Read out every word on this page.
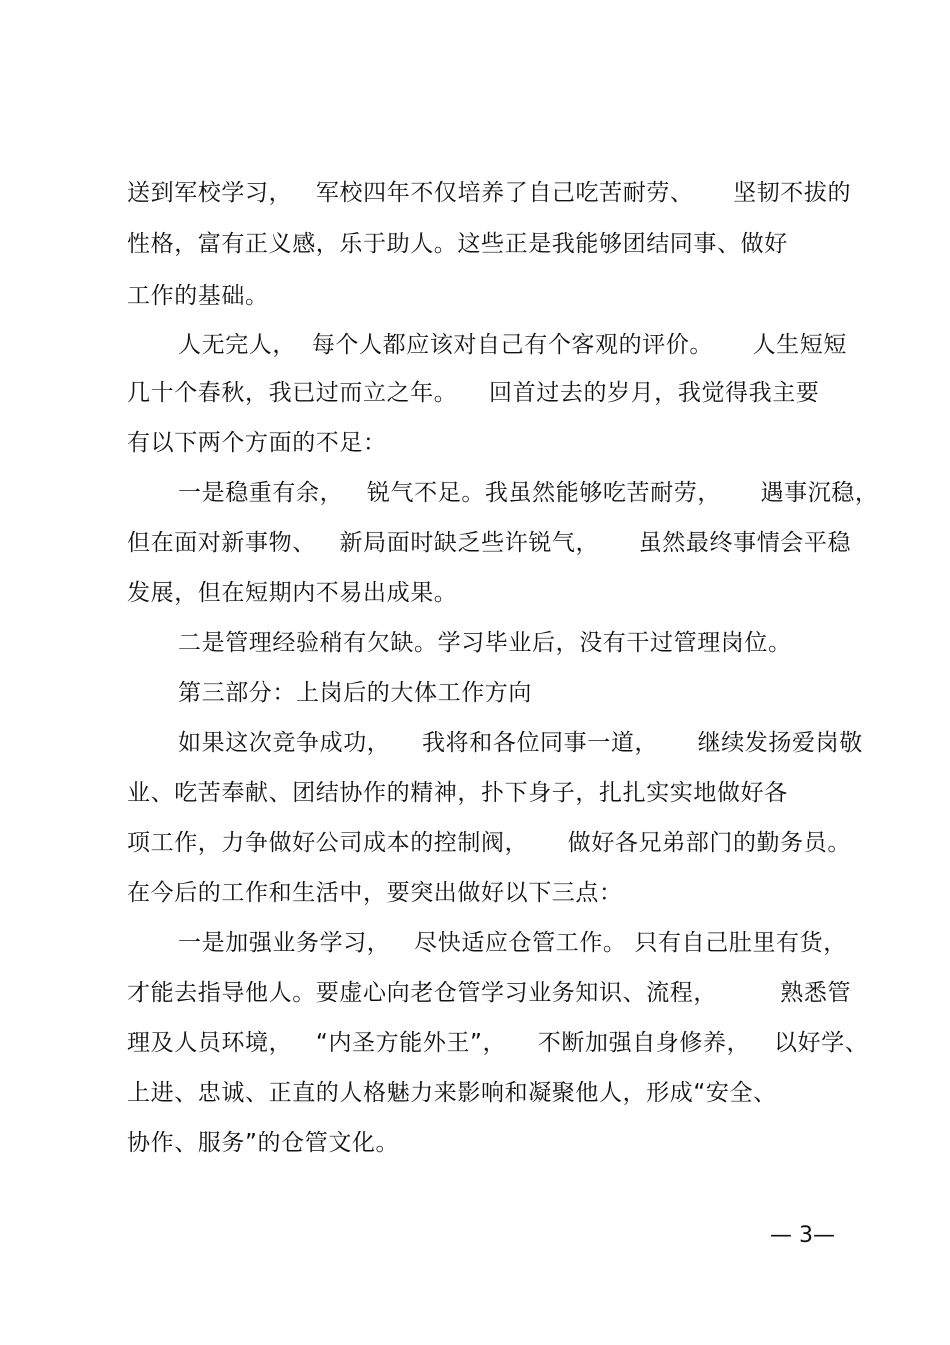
送到军校学习，   军校四年不仅培养了自己吃苦耐劳、     坚韧不拔的
性格，富有正义感，乐于助人。这些正是我能够团结同事、做好
工作的基础。
人无完人，  每个人都应该对自己有个客观的评价。     人生短短
几十个春秋，我已过而立之年。    回首过去的岁月，我觉得我主要
有以下两个方面的不足：
一是稳重有余，   锐气不足。我虽然能够吃苦耐劳，     遇事沉稳，
但在面对新事物、   新局面时缺乏些许锐气，     虽然最终事情会平稳
发展，但在短期内不易出成果。
二是管理经验稍有欠缺。学习毕业后，没有干过管理岗位。
第三部分：上岗后的大体工作方向
如果这次竞争成功，    我将和各位同事一道，     继续发扬爱岗敬
业、吃苦奉献、团结协作的精神，扑下身子，扎扎实实地做好各
项工作，力争做好公司成本的控制阀，     做好各兄弟部门的勤务员。
在今后的工作和生活中，要突出做好以下三点：
一是加强业务学习，   尽快适应仓管工作。 只有自己肚里有货，
才能去指导他人。要虚心向老仓管学习业务知识、流程，        熟悉管
理及人员环境，   “内圣方能外王”，    不断加强自身修养，   以好学、
上进、忠诚、正直的人格魅力来影响和凝聚他人，形成“安全、
协作、服务”的仓管文化。
— 3—
